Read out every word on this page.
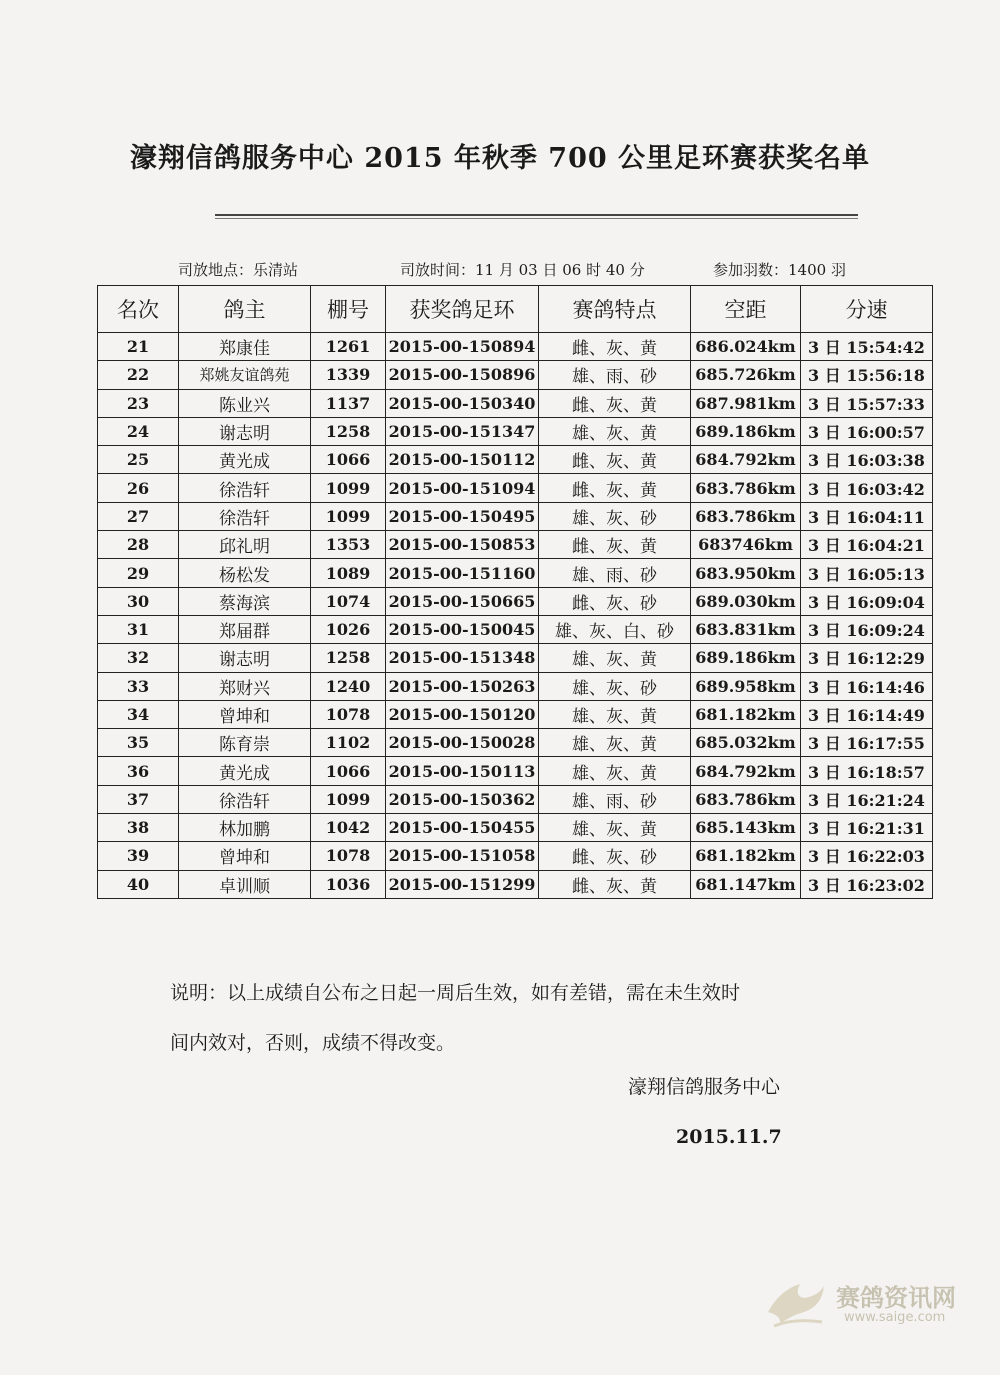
濠翔信鸽服务中心 2015 年秋季 700 公里足环赛获奖名单
司放地点：乐清站	司放时间：11 月 03 日 06 时 40 分	参加羽数：1400 羽
名次	鸽主	棚号	获奖鸽足环	赛鸽特点	空距	分速
21	郑康佳	1261	2015-00-150894	雌、灰、黄	686.024km	3 日 15:54:42
22	郑姚友谊鸽苑	1339	2015-00-150896	雄、雨、砂	685.726km	3 日 15:56:18
23	陈业兴	1137	2015-00-150340	雌、灰、黄	687.981km	3 日 15:57:33
24	谢志明	1258	2015-00-151347	雄、灰、黄	689.186km	3 日 16:00:57
25	黄光成	1066	2015-00-150112	雌、灰、黄	684.792km	3 日 16:03:38
26	徐浩轩	1099	2015-00-151094	雌、灰、黄	683.786km	3 日 16:03:42
27	徐浩轩	1099	2015-00-150495	雄、灰、砂	683.786km	3 日 16:04:11
28	邱礼明	1353	2015-00-150853	雌、灰、黄	683746km	3 日 16:04:21
29	杨松发	1089	2015-00-151160	雄、雨、砂	683.950km	3 日 16:05:13
30	蔡海滨	1074	2015-00-150665	雌、灰、砂	689.030km	3 日 16:09:04
31	郑届群	1026	2015-00-150045	雄、灰、白、砂	683.831km	3 日 16:09:24
32	谢志明	1258	2015-00-151348	雄、灰、黄	689.186km	3 日 16:12:29
33	郑财兴	1240	2015-00-150263	雄、灰、砂	689.958km	3 日 16:14:46
34	曾坤和	1078	2015-00-150120	雄、灰、黄	681.182km	3 日 16:14:49
35	陈育崇	1102	2015-00-150028	雄、灰、黄	685.032km	3 日 16:17:55
36	黄光成	1066	2015-00-150113	雄、灰、黄	684.792km	3 日 16:18:57
37	徐浩轩	1099	2015-00-150362	雄、雨、砂	683.786km	3 日 16:21:24
38	林加鹏	1042	2015-00-150455	雄、灰、黄	685.143km	3 日 16:21:31
39	曾坤和	1078	2015-00-151058	雌、灰、砂	681.182km	3 日 16:22:03
40	卓训顺	1036	2015-00-151299	雌、灰、黄	681.147km	3 日 16:23:02

说明：以上成绩自公布之日起一周后生效，如有差错，需在未生效时

间内效对，否则，成绩不得改变。

濠翔信鸽服务中心
2015.11.7
赛鸽资讯网
www.saige.com
